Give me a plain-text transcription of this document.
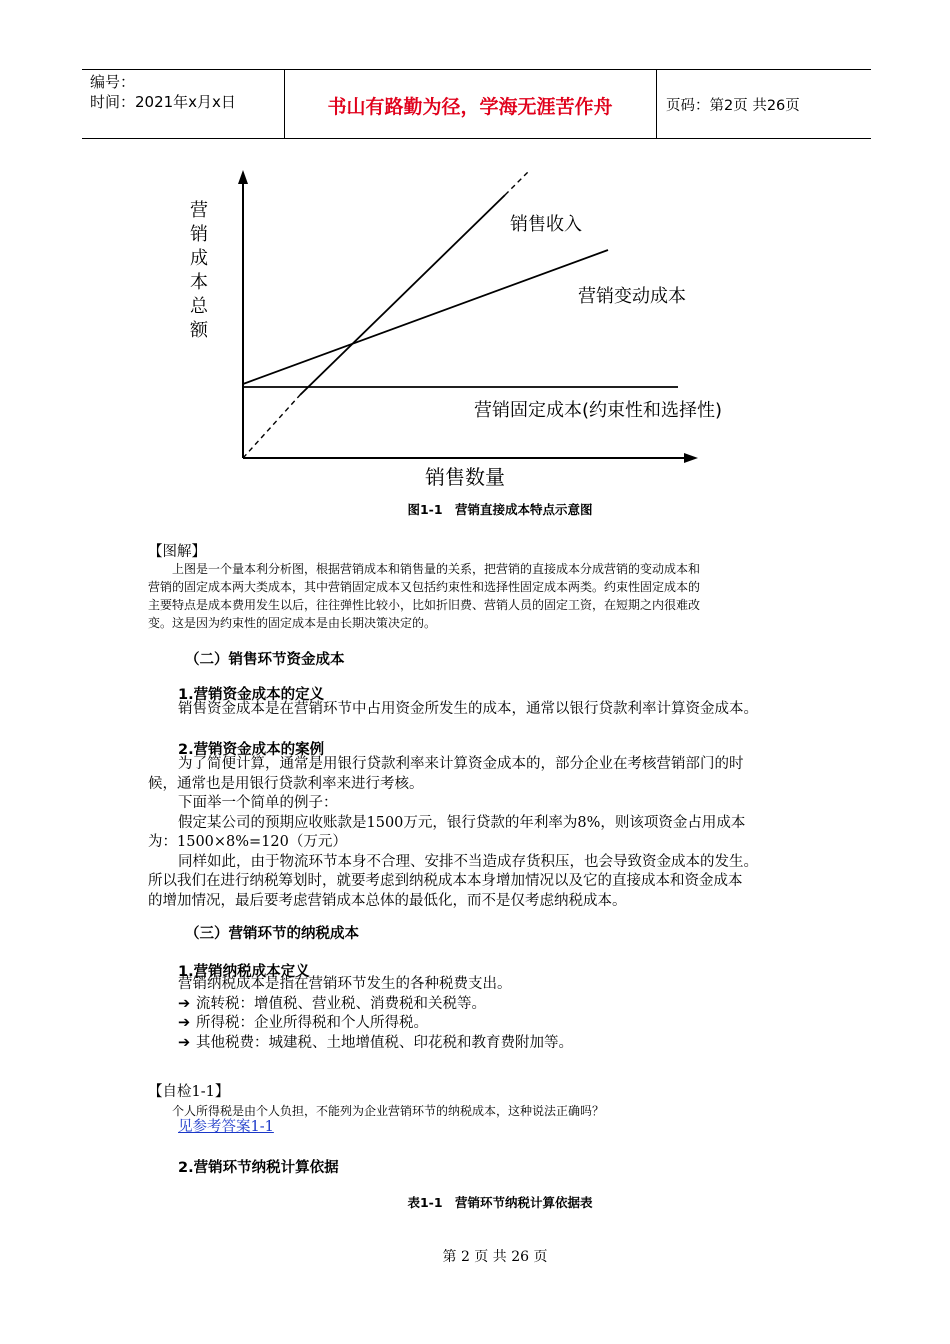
编号：
时间：2021年x月x日	书山有路勤为径，学海无涯苦作舟	页码：第2页 共26页
销售收入
营销变动成本
营销固定成本(约束性和选择性)
销售数量
营
销
成
本
总
额
图1-1　营销直接成本特点示意图
【图解】
上图是一个量本利分析图，根据营销成本和销售量的关系，把营销的直接成本分成营销的变动成本和
营销的固定成本两大类成本，其中营销固定成本又包括约束性和选择性固定成本两类。约束性固定成本的
主要特点是成本费用发生以后，往往弹性比较小，比如折旧费、营销人员的固定工资，在短期之内很难改
变。这是因为约束性的固定成本是由长期决策决定的。
（二）销售环节资金成本
1.营销资金成本的定义
销售资金成本是在营销环节中占用资金所发生的成本，通常以银行贷款利率计算资金成本。
2.营销资金成本的案例
为了简便计算，通常是用银行贷款利率来计算资金成本的，部分企业在考核营销部门的时
候，通常也是用银行贷款利率来进行考核。
下面举一个简单的例子：
假定某公司的预期应收账款是1500万元，银行贷款的年利率为8%，则该项资金占用成本
为：1500×8%=120（万元）
同样如此，由于物流环节本身不合理、安排不当造成存货积压，也会导致资金成本的发生。
所以我们在进行纳税筹划时，就要考虑到纳税成本本身增加情况以及它的直接成本和资金成本
的增加情况，最后要考虑营销成本总体的最低化，而不是仅考虑纳税成本。
（三）营销环节的纳税成本
1.营销纳税成本定义
营销纳税成本是指在营销环节发生的各种税费支出。
➔ 流转税：增值税、营业税、消费税和关税等。
➔ 所得税：企业所得税和个人所得税。
➔ 其他税费：城建税、土地增值税、印花税和教育费附加等。
【自检1-1】
个人所得税是由个人负担，不能列为企业营销环节的纳税成本，这种说法正确吗？
见参考答案1-1
2.营销环节纳税计算依据
表1-1　营销环节纳税计算依据表
第 2 页 共 26 页
